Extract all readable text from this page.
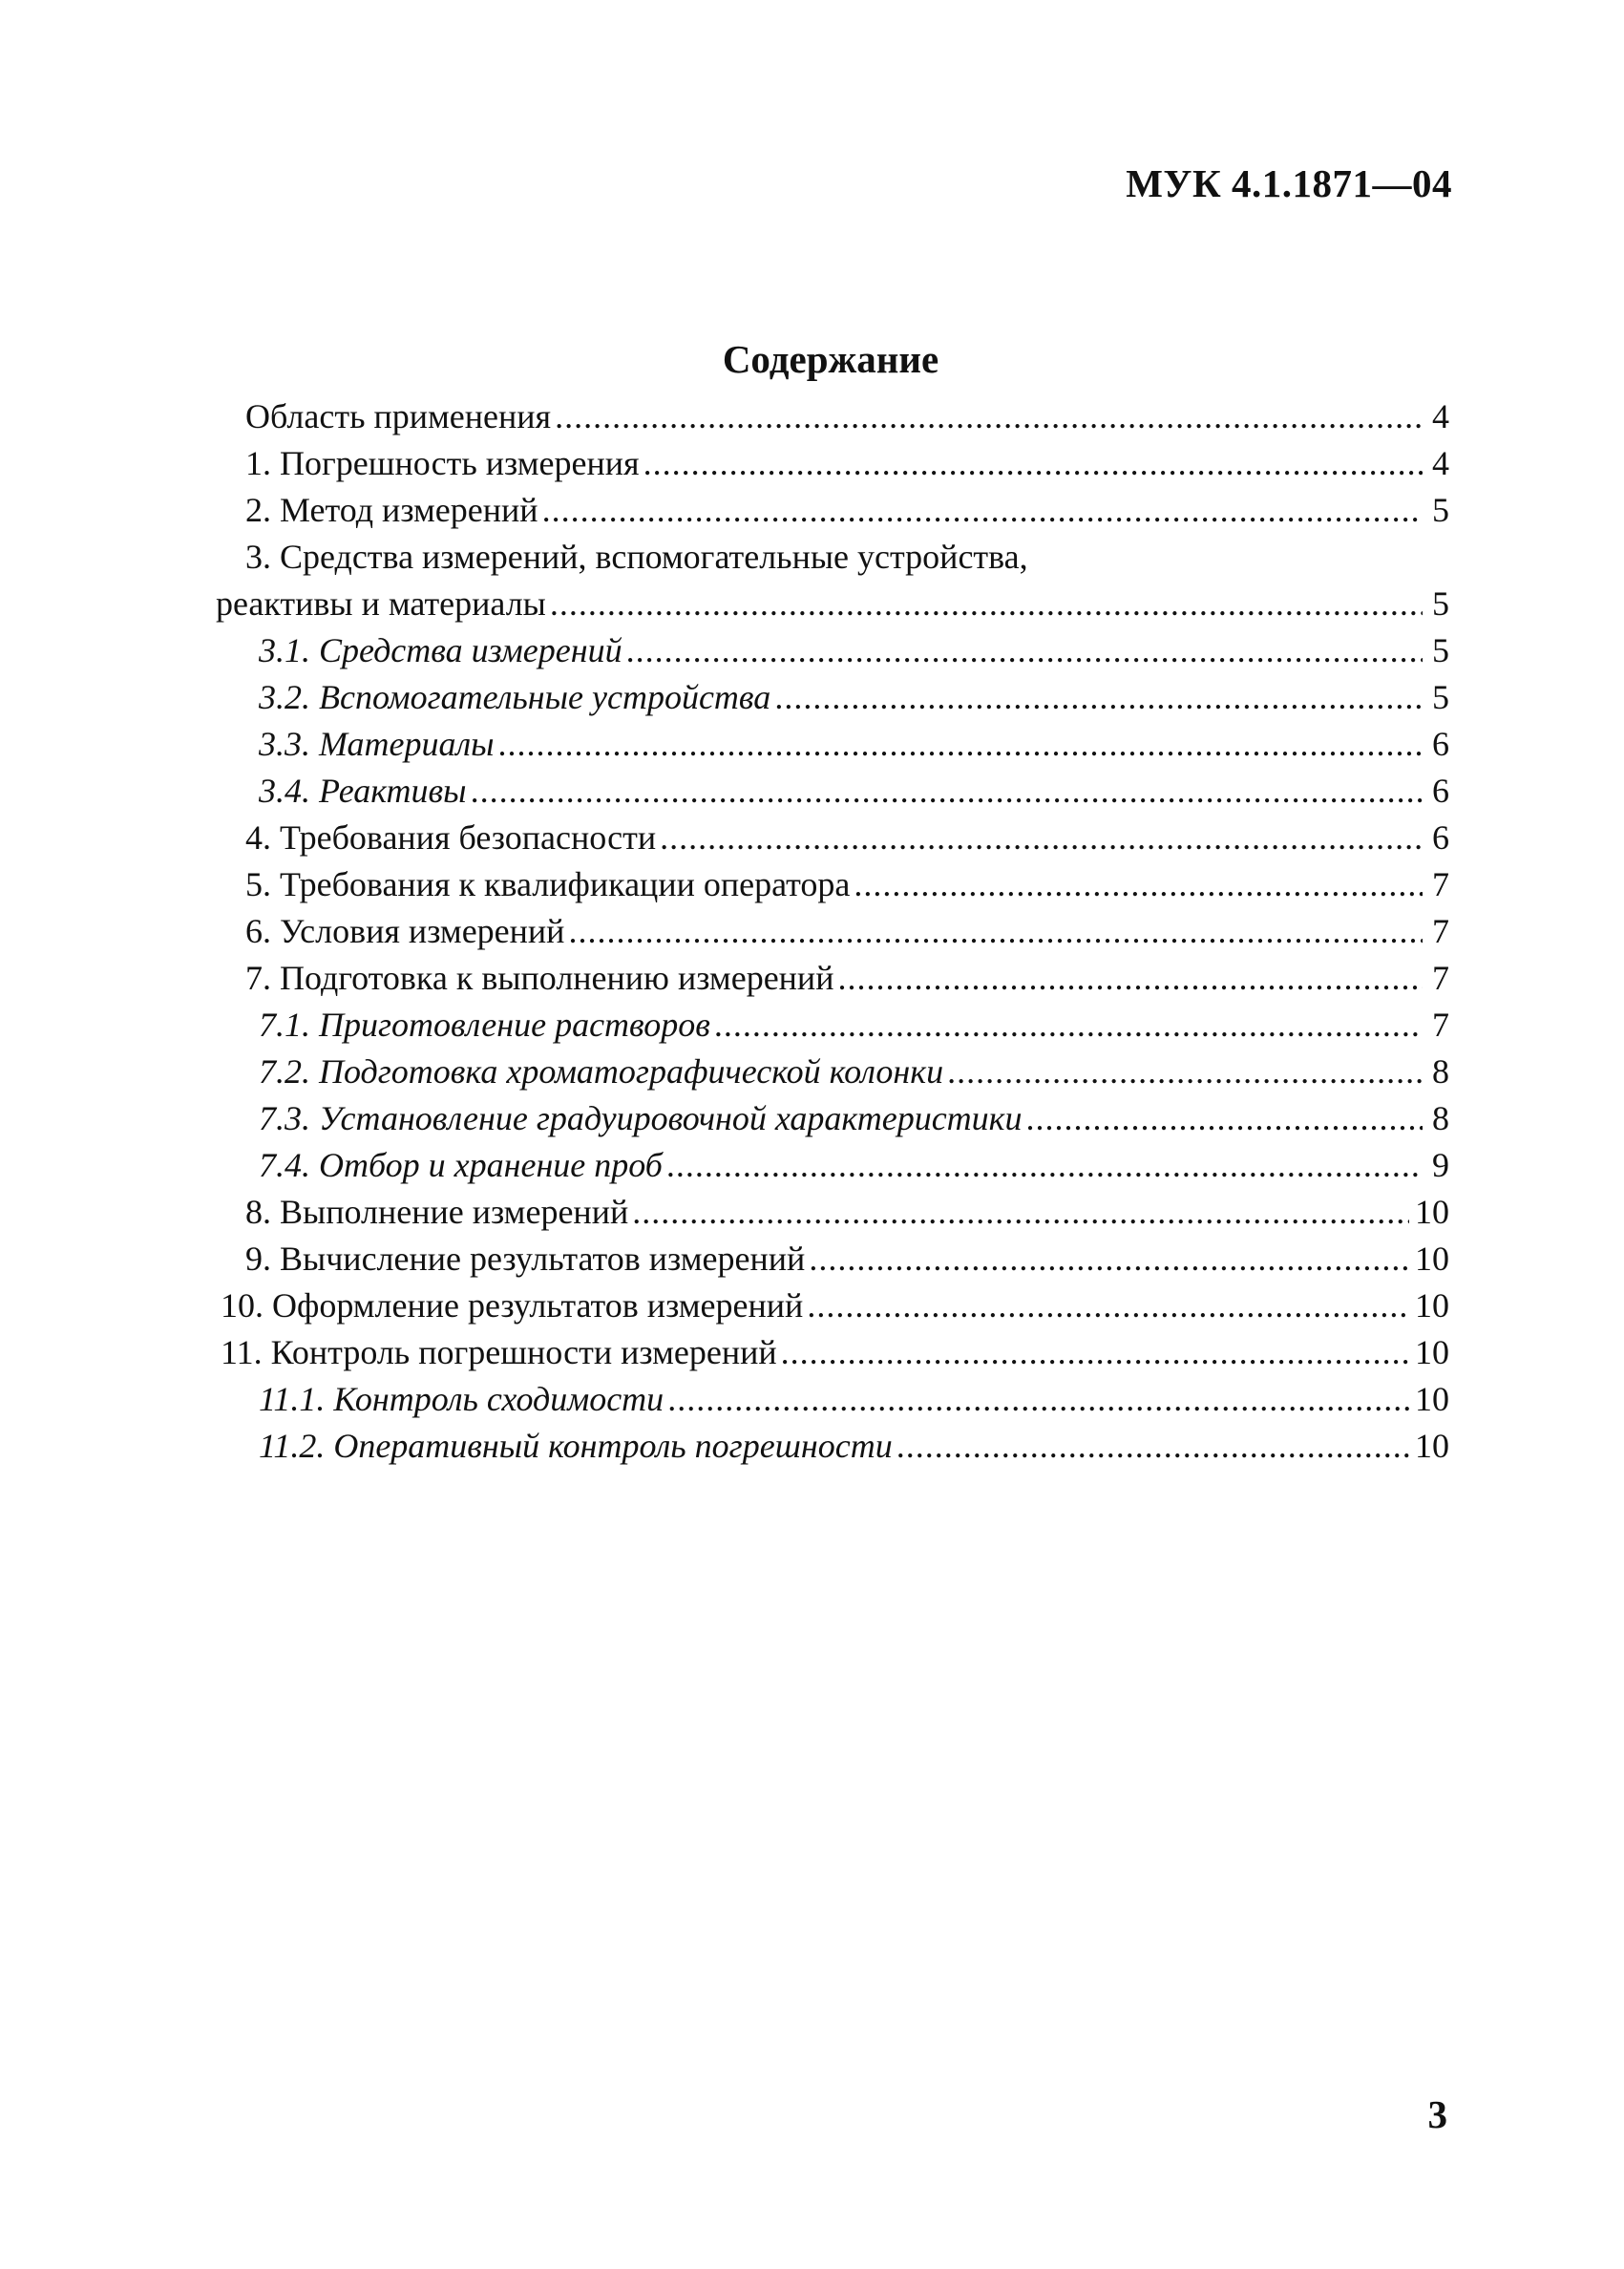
МУК 4.1.1871—04
Содержание
Область применения .....	4
1. Погрешность измерения .....	4
2. Метод измерений .....	5
3. Средства измерений, вспомогательные устройства,
реактивы и материалы .....	5
3.1. Средства измерений .....	5
3.2. Вспомогательные устройства .....	5
3.3. Материалы .....	6
3.4. Реактивы .....	6
4. Требования безопасности .....	6
5. Требования к квалификации оператора .....	7
6. Условия измерений .....	7
7. Подготовка к выполнению измерений .....	7
7.1. Приготовление растворов .....	7
7.2. Подготовка хроматографической колонки .....	8
7.3. Установление градуировочной характеристики .....	8
7.4. Отбор и хранение проб .....	9
8. Выполнение измерений .....	10
9. Вычисление результатов измерений .....	10
10. Оформление результатов измерений .....	10
11. Контроль погрешности измерений .....	10
11.1. Контроль сходимости .....	10
11.2. Оперативный контроль погрешности .....	10
3
